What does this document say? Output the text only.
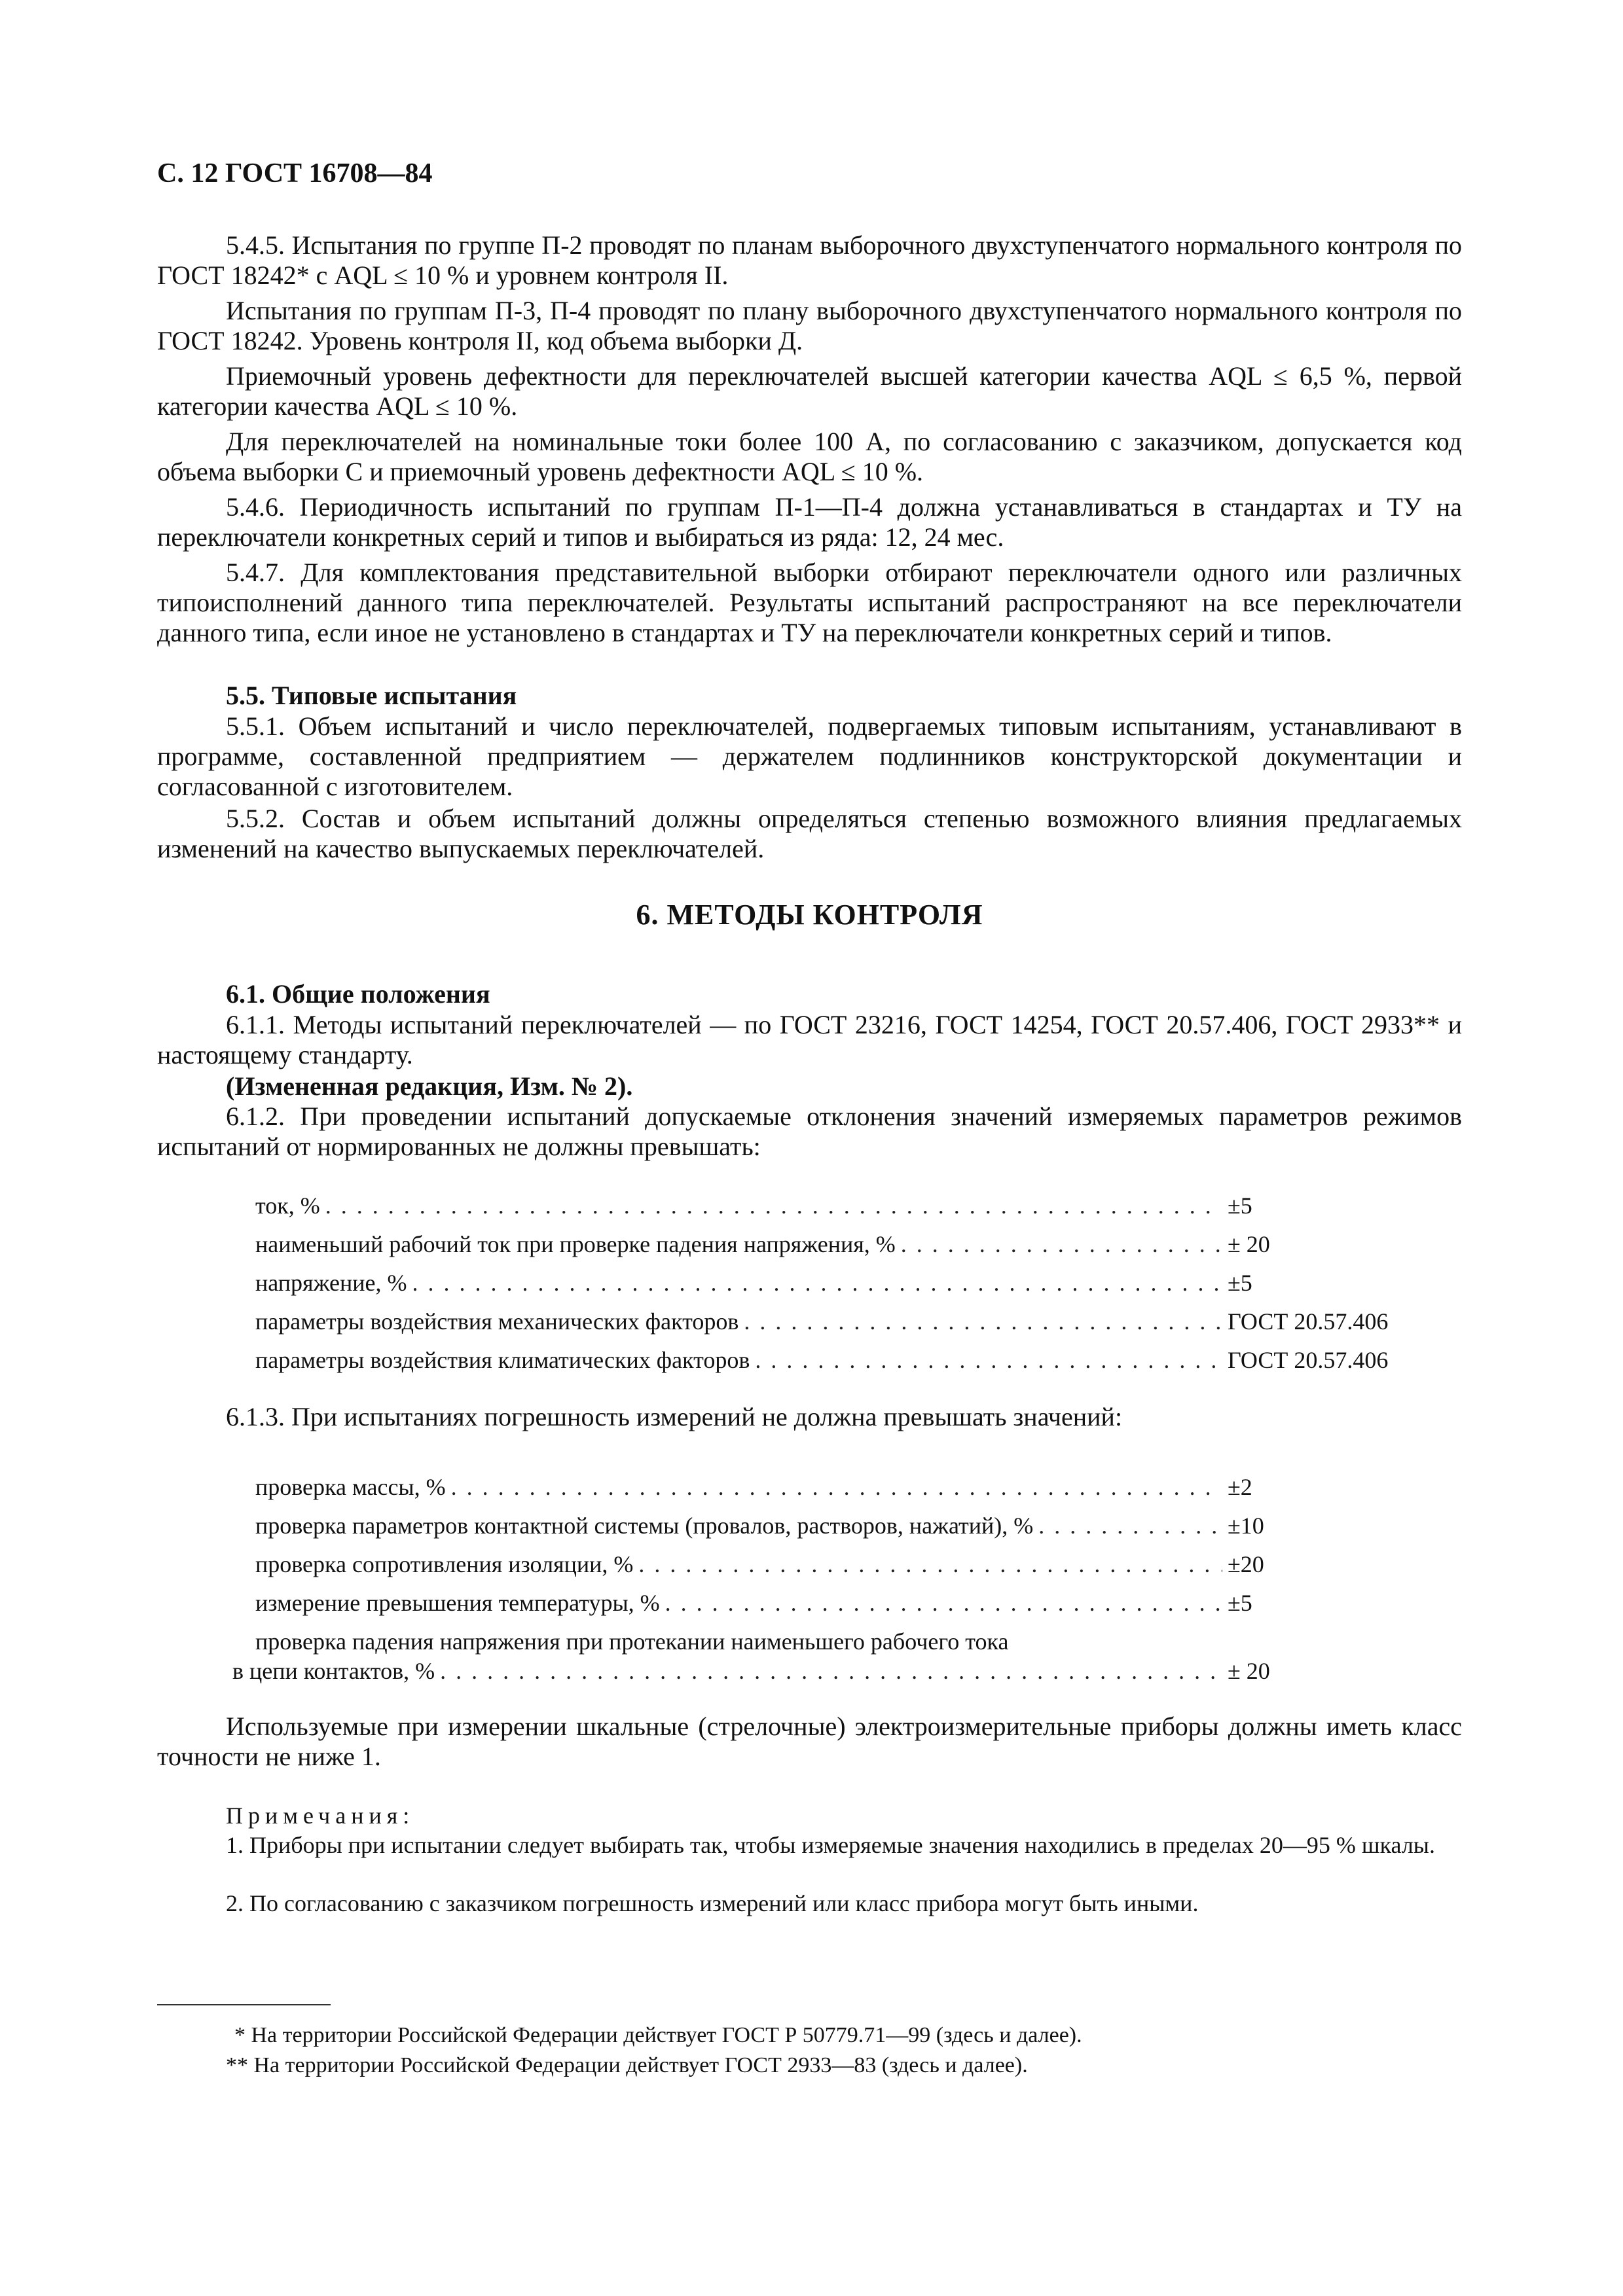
С. 12 ГОСТ 16708—84

5.4.5. Испытания по группе П-2 проводят по планам выборочного двухступенчатого нормального контроля по ГОСТ 18242* с AQL ≤ 10 % и уровнем контроля II.

Испытания по группам П-3, П-4 проводят по плану выборочного двухступенчатого нормального контроля по ГОСТ 18242. Уровень контроля II, код объема выборки Д.

Приемочный уровень дефектности для переключателей высшей категории качества AQL ≤ 6,5 %, первой категории качества AQL ≤ 10 %.

Для переключателей на номинальные токи более 100 А, по согласованию с заказчиком, допускается код объема выборки С и приемочный уровень дефектности AQL ≤ 10 %.

5.4.6. Периодичность испытаний по группам П-1—П-4 должна устанавливаться в стандартах и ТУ на переключатели конкретных серий и типов и выбираться из ряда: 12, 24 мес.

5.4.7. Для комплектования представительной выборки отбирают переключатели одного или различных типоисполнений данного типа переключателей. Результаты испытаний распространяют на все переключатели данного типа, если иное не установлено в стандартах и ТУ на переключатели конкретных серий и типов.

5.5. Типовые испытания

5.5.1. Объем испытаний и число переключателей, подвергаемых типовым испытаниям, устанавливают в программе, составленной предприятием — держателем подлинников конструкторской документации и согласованной с изготовителем.

5.5.2. Состав и объем испытаний должны определяться степенью возможного влияния предлагаемых изменений на качество выпускаемых переключателей.

6. МЕТОДЫ КОНТРОЛЯ

6.1. Общие положения

6.1.1. Методы испытаний переключателей — по ГОСТ 23216, ГОСТ 14254, ГОСТ 20.57.406, ГОСТ 2933** и настоящему стандарту.

(Измененная редакция, Изм. № 2).

6.1.2. При проведении испытаний допускаемые отклонения значений измеряемых параметров режимов испытаний от нормированных не должны превышать:

ток, % . . .	±5
наименьший рабочий ток при проверке падения напряжения, % . . .	± 20
напряжение, % . . .	±5
параметры воздействия механических факторов . . .	ГОСТ 20.57.406
параметры воздействия климатических факторов . . .	ГОСТ 20.57.406

6.1.3. При испытаниях погрешность измерений не должна превышать значений:

проверка массы, % . . .	±2
проверка параметров контактной системы (провалов, растворов, нажатий), % . . .	±10
проверка сопротивления изоляции, % . . .	±20
измерение превышения температуры, % . . .	±5
проверка падения напряжения при протекании наименьшего рабочего тока
в цепи контактов, % . . .	± 20

Используемые при измерении шкальные (стрелочные) электроизмерительные приборы должны иметь класс точности не ниже 1.

Примечания:

1. Приборы при испытании следует выбирать так, чтобы измеряемые значения находились в пределах 20—95 % шкалы.

2. По согласованию с заказчиком погрешность измерений или класс прибора могут быть иными.

* На территории Российской Федерации действует ГОСТ Р 50779.71—99 (здесь и далее).
** На территории Российской Федерации действует ГОСТ 2933—83 (здесь и далее).
